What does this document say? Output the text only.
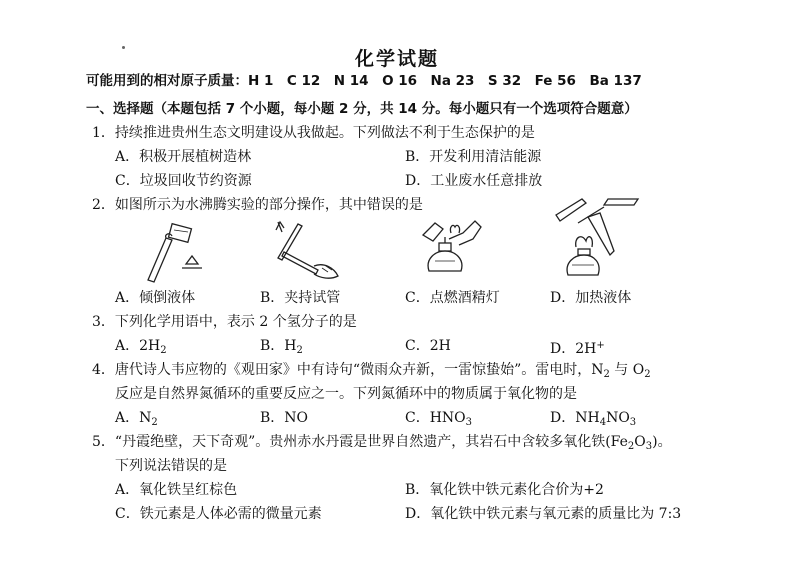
化学试题
可能用到的相对原子质量：H 1　C 12　N 14　O 16　Na 23　S 32　Fe 56　Ba 137
一、选择题（本题包括 7 个小题，每小题 2 分，共 14 分。每小题只有一个选项符合题意）
1．持续推进贵州生态文明建设从我做起。下列做法不利于生态保护的是
A．积极开展植树造林	B．开发利用清洁能源
C．垃圾回收节约资源	D．工业废水任意排放
2．如图所示为水沸腾实验的部分操作，其中错误的是
A．倾倒液体	B．夹持试管	C．点燃酒精灯	D．加热液体
3．下列化学用语中，表示 2 个氢分子的是
A．$2H_2$	B．$H_2$	C．2H	D．2H+
4．唐代诗人韦应物的《观田家》中有诗句“微雨众卉新，一雷惊蛰始”。雷电时，$N_2$ 与 $O_2$
反应是自然界氮循环的重要反应之一。下列氮循环中的物质属于氧化物的是
A．$N_2$	B．NO	C．$HNO_3$	D．$NH_4NO_3$
5．“丹霞绝壁，天下奇观”。贵州赤水丹霞是世界自然遗产，其岩石中含较多氧化铁$(Fe_2O_3)$。
下列说法错误的是
A．氧化铁呈红棕色	B．氧化铁中铁元素化合价为+2
C．铁元素是人体必需的微量元素	D．氧化铁中铁元素与氧元素的质量比为 7:3
